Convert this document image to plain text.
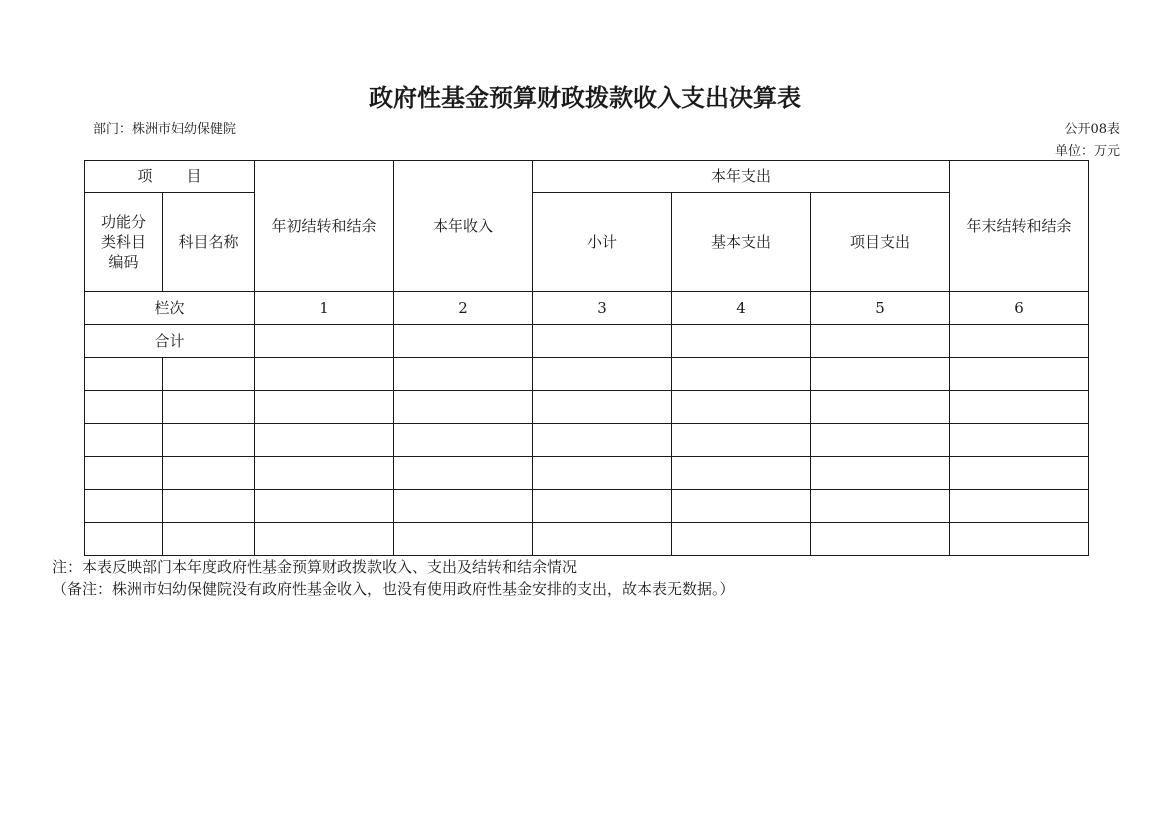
政府性基金预算财政拨款收入支出决算表
部门：株洲市妇幼保健院	公开08表
单位：万元
项 目		年初结转和结余	本年收入	本年支出			年末结转和结余

功能分
类科目
编码	科目名称			小计	基本支出	项目支出	
栏次		1	2	3	4	5	6
合计							

注：本表反映部门本年度政府性基金预算财政拨款收入、支出及结转和结余情况
（备注：株洲市妇幼保健院没有政府性基金收入，也没有使用政府性基金安排的支出，故本表无数据。）
